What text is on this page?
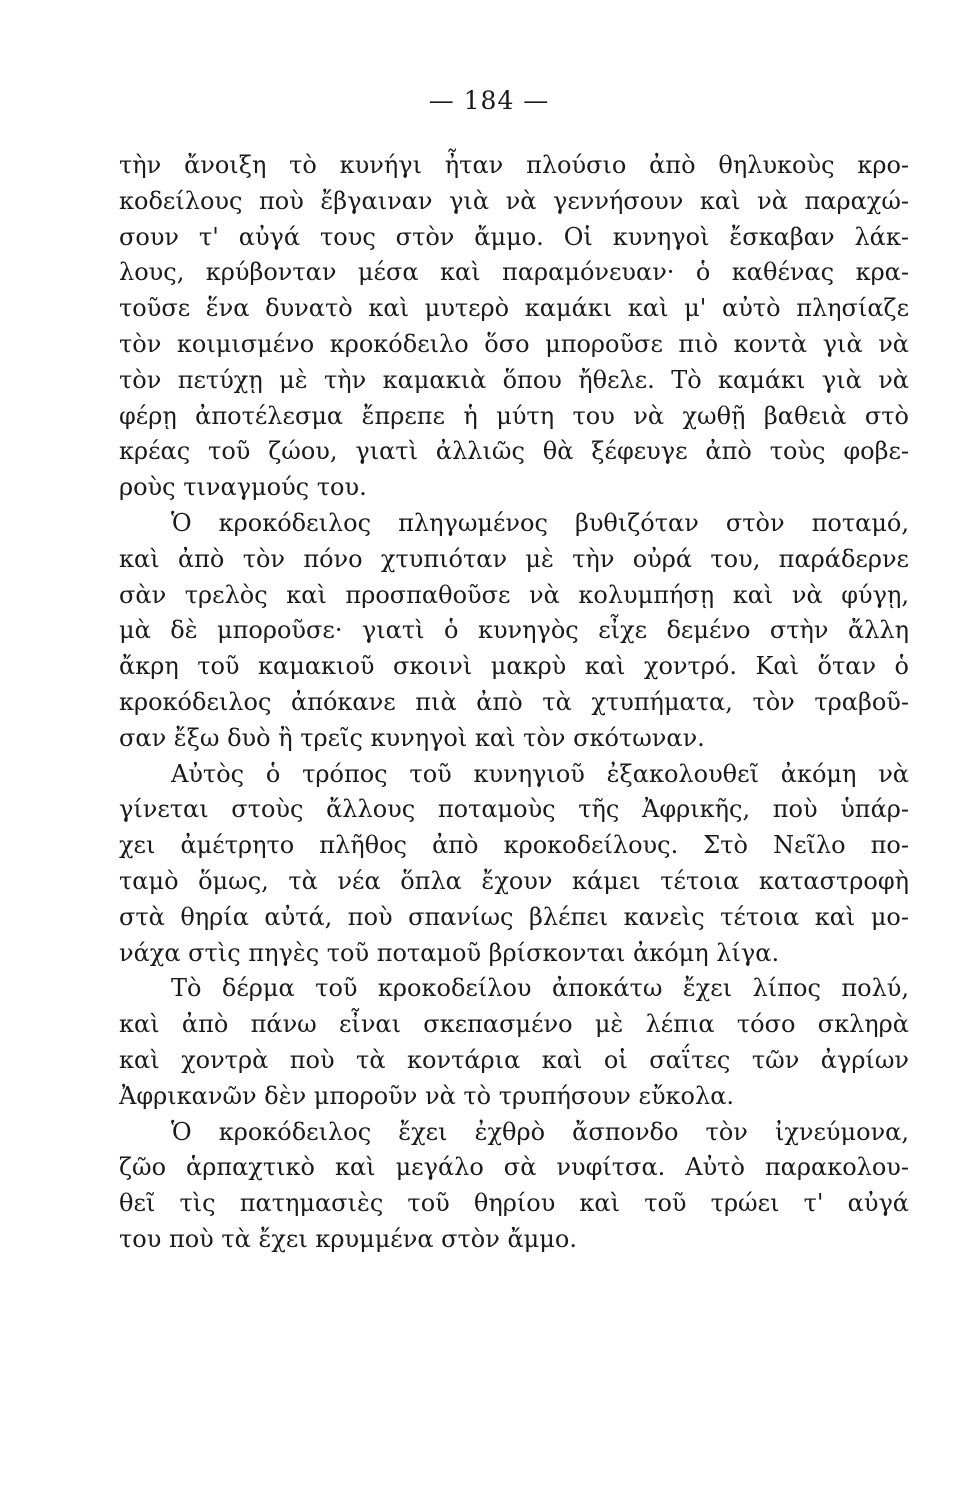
— 184 —
τὴν ἄνοιξη τὸ κυνήγι ἦταν πλούσιο ἀπὸ θηλυκοὺς κρο-
κοδείλους ποὺ ἔβγαιναν γιὰ νὰ γεννήσουν καὶ νὰ παραχώ-
σουν τ' αὐγά τους στὸν ἄμμο. Οἱ κυνηγοὶ ἔσκαβαν λάκ-
λους, κρύβονταν μέσα καὶ παραμόνευαν· ὁ καθένας κρα-
τοῦσε ἕνα δυνατὸ καὶ μυτερὸ καμάκι καὶ μ' αὐτὸ πλησίαζε
τὸν κοιμισμένο κροκόδειλο ὅσο μποροῦσε πιὸ κοντὰ γιὰ νὰ
τὸν πετύχῃ μὲ τὴν καμακιὰ ὅπου ἤθελε. Τὸ καμάκι γιὰ νὰ
φέρῃ ἀποτέλεσμα ἔπρεπε ἡ μύτη του νὰ χωθῇ βαθειὰ στὸ
κρέας τοῦ ζώου, γιατὶ ἀλλιῶς θὰ ξέφευγε ἀπὸ τοὺς φοβε-
ροὺς τιναγμούς του.
Ὁ κροκόδειλος πληγωμένος βυθιζόταν στὸν ποταμό,
καὶ ἀπὸ τὸν πόνο χτυπιόταν μὲ τὴν οὐρά του, παράδερνε
σὰν τρελὸς καὶ προσπαθοῦσε νὰ κολυμπήσῃ καὶ νὰ φύγῃ,
μὰ δὲ μποροῦσε· γιατὶ ὁ κυνηγὸς εἶχε δεμένο στὴν ἄλλη
ἄκρη τοῦ καμακιοῦ σκοινὶ μακρὺ καὶ χοντρό. Καὶ ὅταν ὁ
κροκόδειλος ἀπόκανε πιὰ ἀπὸ τὰ χτυπήματα, τὸν τραβοῦ-
σαν ἔξω δυὸ ἢ τρεῖς κυνηγοὶ καὶ τὸν σκότωναν.
Αὐτὸς ὁ τρόπος τοῦ κυνηγιοῦ ἐξακολουθεῖ ἀκόμη νὰ
γίνεται στοὺς ἄλλους ποταμοὺς τῆς Ἀφρικῆς, ποὺ ὑπάρ-
χει ἀμέτρητο πλῆθος ἀπὸ κροκοδείλους. Στὸ Νεῖλο πο-
ταμὸ ὅμως, τὰ νέα ὅπλα ἔχουν κάμει τέτοια καταστροφὴ
στὰ θηρία αὐτά, ποὺ σπανίως βλέπει κανεὶς τέτοια καὶ μο-
νάχα στὶς πηγὲς τοῦ ποταμοῦ βρίσκονται ἀκόμη λίγα.
Τὸ δέρμα τοῦ κροκοδείλου ἀποκάτω ἔχει λίπος πολύ,
καὶ ἀπὸ πάνω εἶναι σκεπασμένο μὲ λέπια τόσο σκληρὰ
καὶ χοντρὰ ποὺ τὰ κοντάρια καὶ οἱ σαΐτες τῶν ἀγρίων
Ἀφρικανῶν δὲν μποροῦν νὰ τὸ τρυπήσουν εὔκολα.
Ὁ κροκόδειλος ἔχει ἐχθρὸ ἄσπονδο τὸν ἰχνεύμονα,
ζῶο ἁρπαχτικὸ καὶ μεγάλο σὰ νυφίτσα. Αὐτὸ παρακολου-
θεῖ τὶς πατημασιὲς τοῦ θηρίου καὶ τοῦ τρώει τ' αὐγά
του ποὺ τὰ ἔχει κρυμμένα στὸν ἄμμο.
